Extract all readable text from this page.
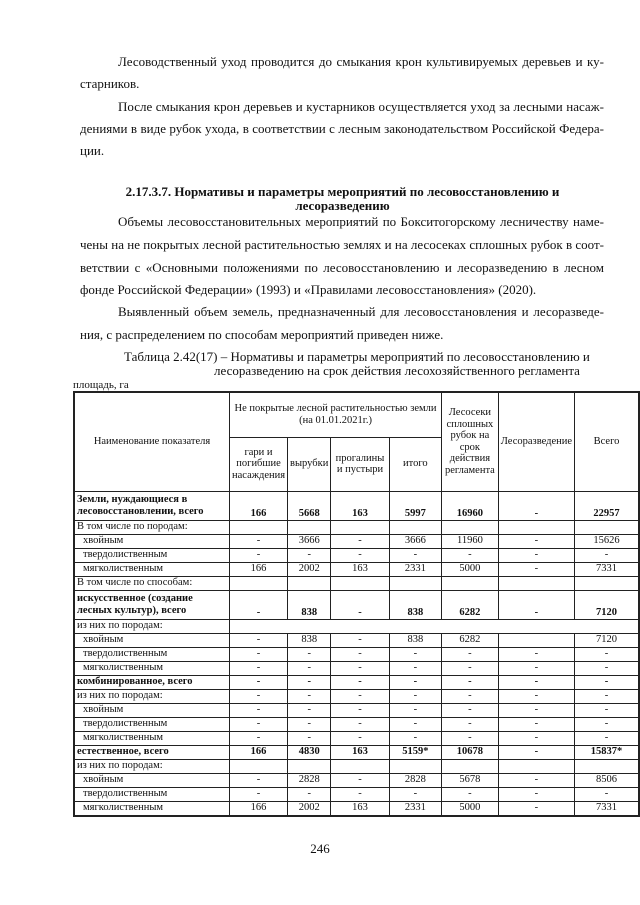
Лесоводственный уход проводится до смыкания крон культивируемых деревьев и ку-
старников.
После смыкания крон деревьев и кустарников осуществляется уход за лесными насаж-
дениями в виде рубок ухода, в соответствии с лесным законодательством Российской Федера-
ции.
2.17.3.7. Нормативы и параметры мероприятий по лесовосстановлению и
лесоразведению
Объемы лесовосстановительных мероприятий по Бокситогорскому лесничеству наме-
чены на не покрытых лесной растительностью землях и на лесосеках сплошных рубок в соот-
ветствии с «Основными положениями по лесовосстановлению и лесоразведению в лесном
фонде Российской Федерации» (1993) и «Правилами лесовосстановления» (2020).
Выявленный объем земель, предназначенный для лесовосстановления и лесоразведе-
ния, с распределением по способам мероприятий приведен ниже.
Таблица 2.42(17) – Нормативы и параметры мероприятий по лесовосстановлению и
лесоразведению на срок действия лесохозяйственного регламента
площадь, га
Наименование показателя	Не покрытые лесной растительностью земли (на 01.01.2021г.)				Лесосеки сплошных рубок на срок действия регламента	Лесоразведение	Всего
	гари и погибшие насаждения	вырубки	прогалины и пустыри	итого			
Земли, нуждающиеся в лесовосстановлении, всего	166	5668	163	5997	16960	-	22957
В том числе по породам:							
хвойным	-	3666	-	3666	11960	-	15626
твердолиственным	-	-	-	-	-	-	-
мягколиственным	166	2002	163	2331	5000	-	7331
В том числе по способам:							
искусственное (создание лесных культур), всего	-	838	-	838	6282	-	7120
из них по породам:							
хвойным	-	838	-	838	6282		7120
твердолиственным	-	-	-	-	-	-	-
мягколиственным	-	-	-	-	-	-	-
комбинированное, всего	-	-	-	-	-	-	-
из них по породам:	-	-	-	-	-	-	-
хвойным	-	-	-	-	-	-	-
твердолиственным	-	-	-	-	-	-	-
мягколиственным	-	-	-	-	-	-	-
естественное, всего	166	4830	163	5159*	10678	-	15837*
из них по породам:							
хвойным	-	2828	-	2828	5678	-	8506
твердолиственным	-	-	-	-	-	-	-
мягколиственным	166	2002	163	2331	5000	-	7331
246
